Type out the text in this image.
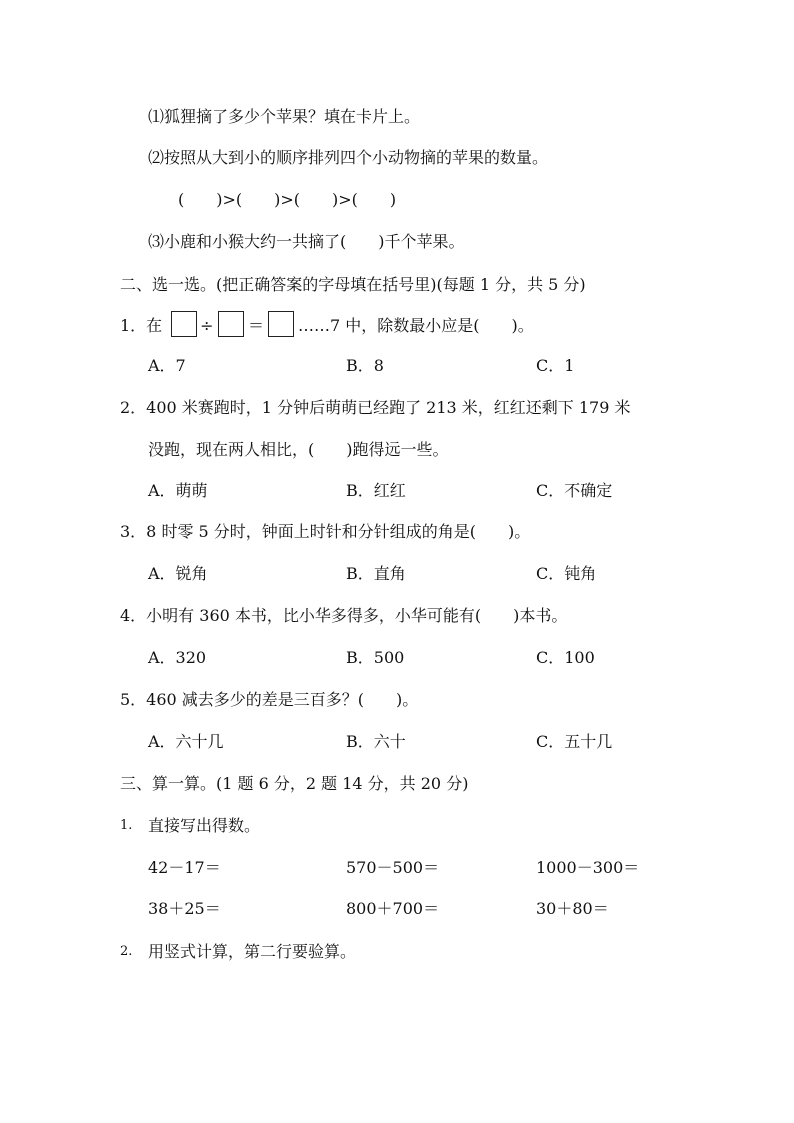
⑴狐狸摘了多少个苹果？填在卡片上。
⑵按照从大到小的顺序排列四个小动物摘的苹果的数量。
(　　)>(　　)>(　　)>(　　)
⑶小鹿和小猴大约一共摘了(　　)千个苹果。
二、选一选。(把正确答案的字母填在括号里)(每题 1 分，共 5 分)
1．在 ÷ ＝ ……7 中，除数最小应是(　　)。
A．7	B．8	C．1
2．400 米赛跑时，1 分钟后萌萌已经跑了 213 米，红红还剩下 179 米
没跑，现在两人相比，(　　)跑得远一些。
A．萌萌	B．红红	C．不确定
3．8 时零 5 分时，钟面上时针和分针组成的角是(　　)。
A．锐角	B．直角	C．钝角
4．小明有 360 本书，比小华多得多，小华可能有(　　)本书。
A．320	B．500	C．100
5．460 减去多少的差是三百多？(　　)。
A．六十几	B．六十	C．五十几
三、算一算。(1 题 6 分，2 题 14 分，共 20 分)
1. 直接写出得数。
42－17＝	570－500＝	1000－300＝
38＋25＝	800＋700＝	30＋80＝
2. 用竖式计算，第二行要验算。
